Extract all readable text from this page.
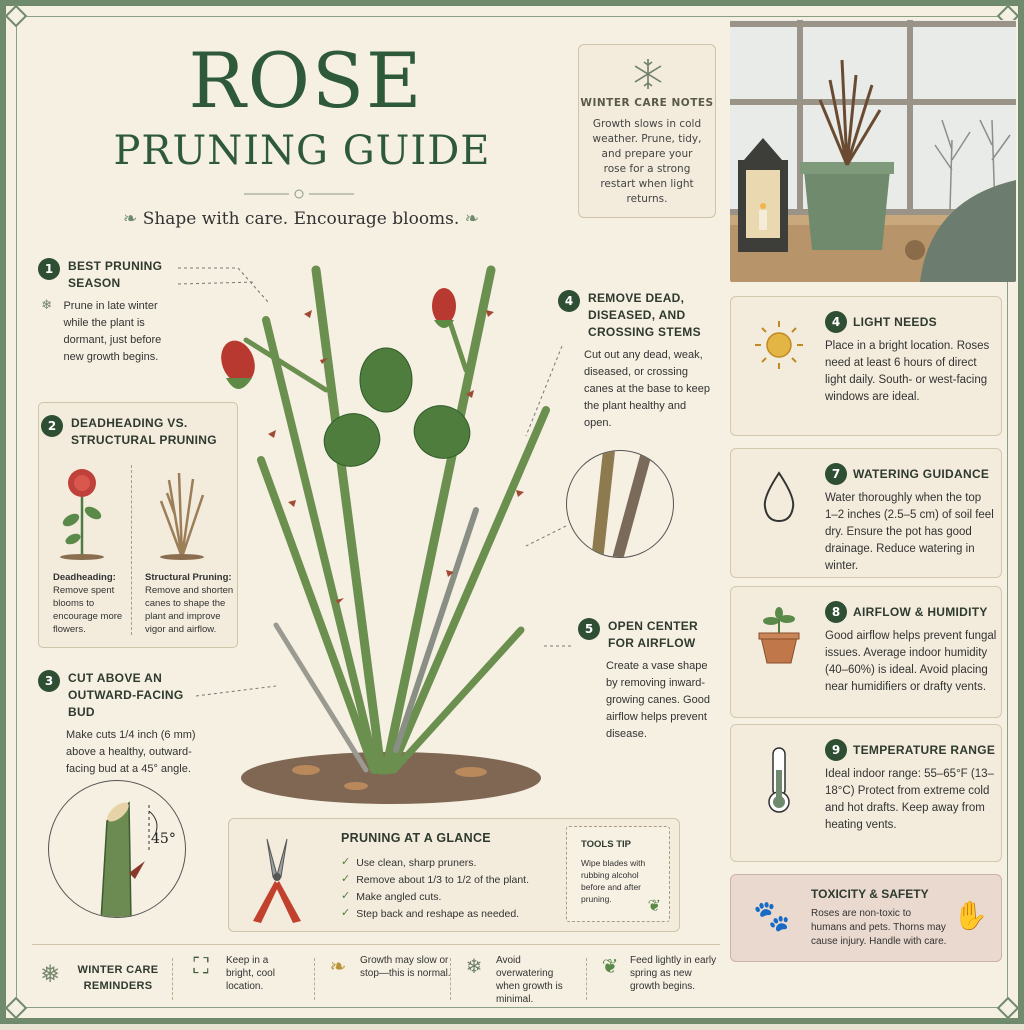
ROSE
PRUNING GUIDE
❧ Shape with care. Encourage blooms. ❧
WINTER CARE NOTES
Growth slows in cold weather. Prune, tidy, and prepare your rose for a strong restart when light returns.
1	BEST PRUNING SEASON
❄ Prune in late winter while the plant is dormant, just before new growth begins.
2	DEADHEADING VS. STRUCTURAL PRUNING
Deadheading:
Remove spent blooms to encourage more flowers.
Structural Pruning:
Remove and shorten canes to shape the plant and improve vigor and airflow.
3	CUT ABOVE AN OUTWARD-FACING BUD
Make cuts 1/4 inch (6 mm) above a healthy, outward-facing bud at a 45° angle.
45°
4	REMOVE DEAD, DISEASED, AND CROSSING STEMS
Cut out any dead, weak, diseased, or crossing canes at the base to keep the plant healthy and open.
5	OPEN CENTER FOR AIRFLOW
Create a vase shape by removing inward-growing canes. Good airflow helps prevent disease.
4	LIGHT NEEDS
Place in a bright location. Roses need at least 6 hours of direct light daily. South- or west-facing windows are ideal.
7	WATERING GUIDANCE
Water thoroughly when the top 1–2 inches (2.5–5 cm) of soil feel dry. Ensure the pot has good drainage. Reduce watering in winter.
8	AIRFLOW & HUMIDITY
Good airflow helps prevent fungal issues. Average indoor humidity (40–60%) is ideal. Avoid placing near humidifiers or drafty vents.
9	TEMPERATURE RANGE
Ideal indoor range: 55–65°F (13–18°C) Protect from extreme cold and hot drafts. Keep away from heating vents.
🐾	✋
TOXICITY & SAFETY
Roses are non-toxic to humans and pets. Thorns may cause injury. Handle with care.
PRUNING AT A GLANCE
✓ Use clean, sharp pruners.
✓ Remove about 1/3 to 1/2 of the plant.
✓ Make angled cuts.
✓ Step back and reshape as needed.
TOOLS TIP
Wipe blades with rubbing alcohol before and after pruning.	❦
❅ WINTER CARE REMINDERS
⛶	Keep in a bright, cool location.
❧	Growth may slow or stop—this is normal. ❄	Avoid overwatering when growth is minimal.
❦	Feed lightly in early spring as new growth begins.
